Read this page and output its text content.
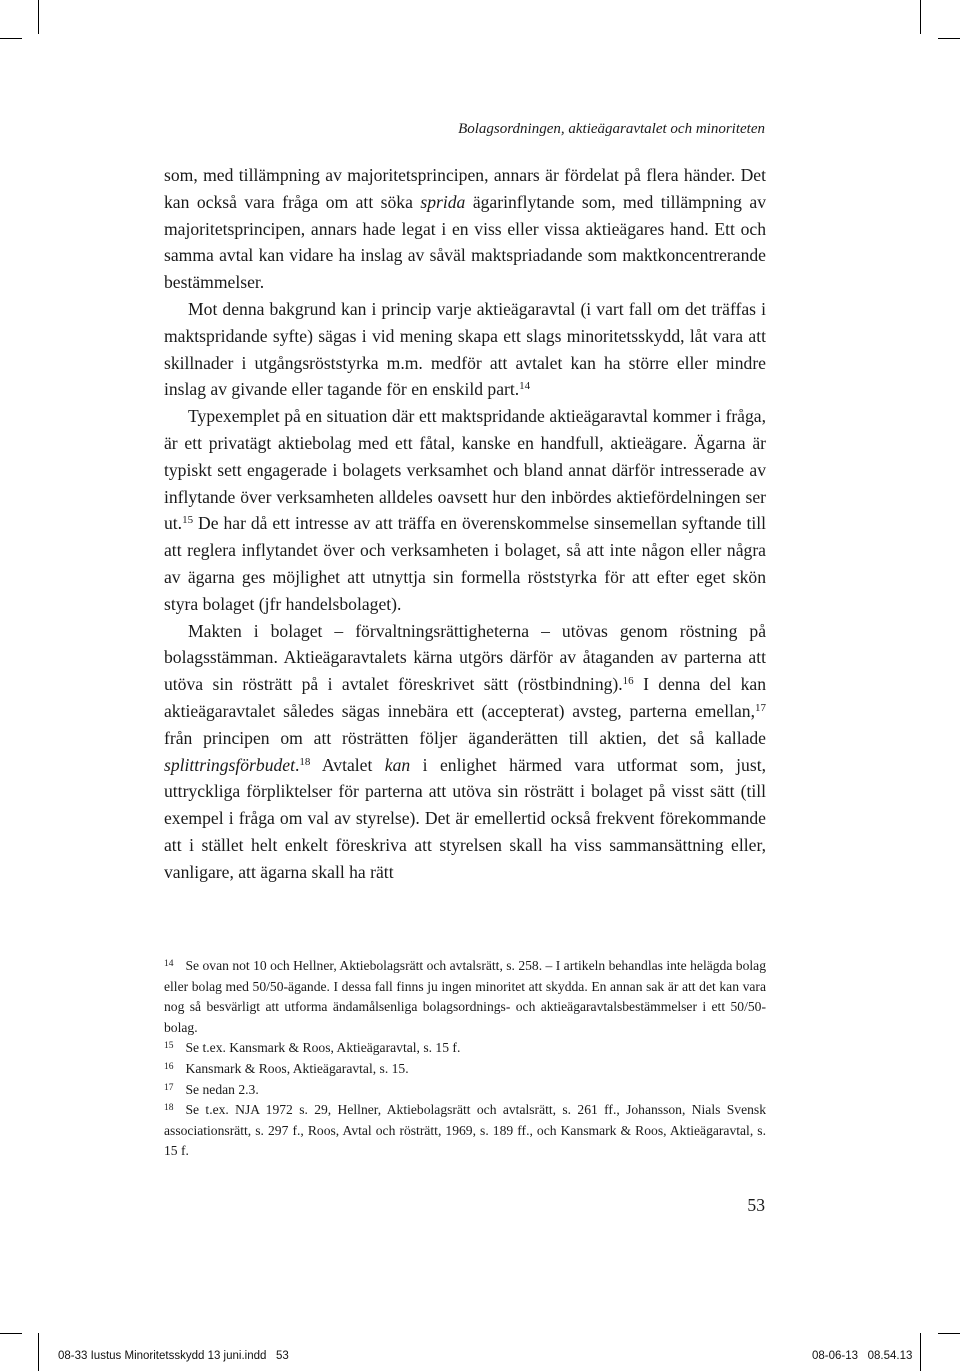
Bolagsordningen, aktieägaravtalet och minoriteten

som, med tillämpning av majoritetsprincipen, annars är fördelat på flera händer. Det kan också vara fråga om att söka sprida ägarinflytande som, med tillämpning av majoritetsprincipen, annars hade legat i en viss eller vissa aktieägares hand. Ett och samma avtal kan vidare ha inslag av såväl maktspriadande som maktkoncentrerande bestämmelser.

Mot denna bakgrund kan i princip varje aktieägaravtal (i vart fall om det träffas i maktspridande syfte) sägas i vid mening skapa ett slags minoritetsskydd, låt vara att skillnader i utgångsröststyrka m.m. medför att avtalet kan ha större eller mindre inslag av givande eller tagande för en enskild part.$^{14}$

Typexemplet på en situation där ett maktspridande aktieägaravtal kommer i fråga, är ett privatägt aktiebolag med ett fåtal, kanske en handfull, aktieägare. Ägarna är typiskt sett engagerade i bolagets verksamhet och bland annat därför intresserade av inflytande över verksamheten alldeles oavsett hur den inbördes aktiefördelningen ser ut.$^{15}$ De har då ett intresse av att träffa en överenskommelse sinsemellan syftande till att reglera inflytandet över och verksamheten i bolaget, så att inte någon eller några av ägarna ges möjlighet att utnyttja sin formella röststyrka för att efter eget skön styra bolaget (jfr handelsbolaget).

Makten i bolaget – förvaltningsrättigheterna – utövas genom röstning på bolagsstämman. Aktieägaravtalets kärna utgörs därför av åtaganden av parterna att utöva sin rösträtt på i avtalet föreskrivet sätt (röstbindning).$^{16}$ I denna del kan aktieägaravtalet således sägas innebära ett (accepterat) avsteg, parterna emellan,$^{17}$ från principen om att rösträtten följer äganderätten till aktien, det så kallade splittringsförbudet.$^{18}$ Avtalet kan i enlighet härmed vara utformat som, just, uttryckliga förpliktelser för parterna att utöva sin rösträtt i bolaget på visst sätt (till exempel i fråga om val av styrelse). Det är emellertid också frekvent förekommande att i stället helt enkelt föreskriva att styrelsen skall ha viss sammansättning eller, vanligare, att ägarna skall ha rätt

$^{14}$ Se ovan not 10 och Hellner, Aktiebolagsrätt och avtalsrätt, s. 258. – I artikeln behandlas inte helägda bolag eller bolag med 50/50-ägande. I dessa fall finns ju ingen minoritet att skydda. En annan sak är att det kan vara nog så besvärligt att utforma ändamålsenliga bolagsordnings- och aktieägaravtalsbestämmelser i ett 50/50-bolag.

$^{15}$ Se t.ex. Kansmark & Roos, Aktieägaravtal, s. 15 f.

$^{16}$ Kansmark & Roos, Aktieägaravtal, s. 15.

$^{17}$ Se nedan 2.3.

$^{18}$ Se t.ex. NJA 1972 s. 29, Hellner, Aktiebolagsrätt och avtalsrätt, s. 261 ff., Johansson, Nials Svensk associationsrätt, s. 297 f., Roos, Avtal och rösträtt, 1969, s. 189 ff., och Kansmark & Roos, Aktieägaravtal, s. 15 f.

53
08-33 Iustus Minoritetsskydd 13 juni.indd   53	08-06-13   08.54.13
